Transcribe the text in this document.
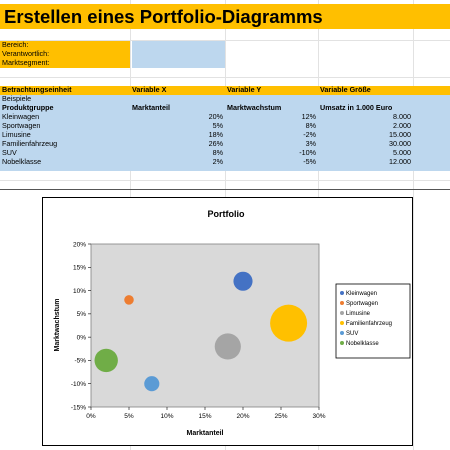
Erstellen eines Portfolio-Diagramms
Bereich:
Verantwortlich:
Marktsegment:
Betrachtungseinheit	Variable X	Variable Y	Variable Größe
Beispiele
Produktgruppe	Marktanteil	Marktwachstum	Umsatz in 1.000 Euro
Kleinwagen	20%	12%	8.000
Sportwagen	5%	8%	2.000
Limusine	18%	-2%	15.000
Familienfahrzeug	26%	3%	30.000
SUV	8%	-10%	5.000
Nobelklasse	2%	-5%	12.000
Portfolio
20%
15%
10%
5%
0%
-5%
-10%
-15%
0%	5%	10%	15%	20%	25%	30%
Marktanteil
Marktwachstum
Kleinwagen
Sportwagen
Limusine
Familienfahrzeug
SUV
Nobelklasse
